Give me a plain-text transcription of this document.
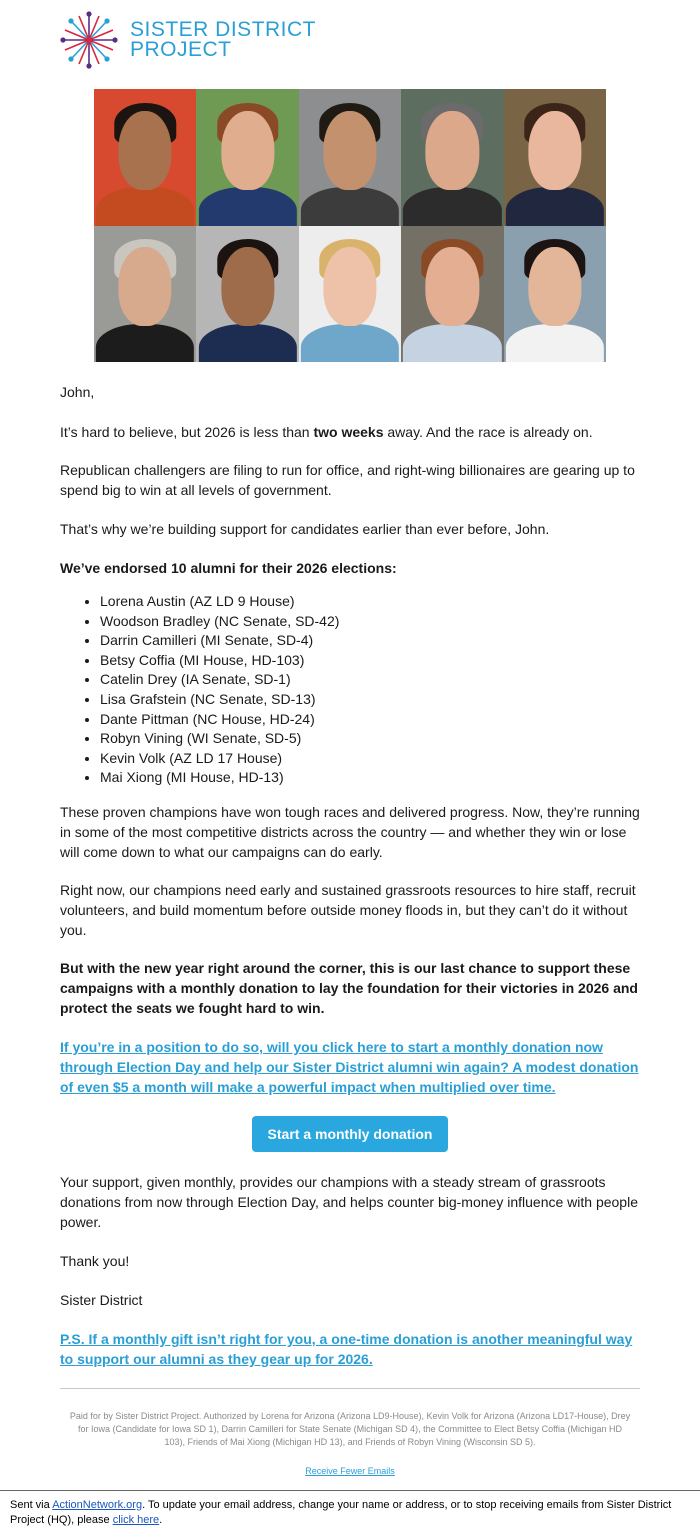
SISTER DISTRICT
PROJECT

John,

It’s hard to believe, but 2026 is less than two weeks away. And the race is already on.

Republican challengers are filing to run for office, and right-wing billionaires are gearing up to spend big to win at all levels of government.

That’s why we’re building support for candidates earlier than ever before, John.

We’ve endorsed 10 alumni for their 2026 elections:

• Lorena Austin (AZ LD 9 House)
• Woodson Bradley (NC Senate, SD-42)
• Darrin Camilleri (MI Senate, SD-4)
• Betsy Coffia (MI House, HD-103)
• Catelin Drey (IA Senate, SD-1)
• Lisa Grafstein (NC Senate, SD-13)
• Dante Pittman (NC House, HD-24)
• Robyn Vining (WI Senate, SD-5)
• Kevin Volk (AZ LD 17 House)
• Mai Xiong (MI House, HD-13)

These proven champions have won tough races and delivered progress. Now, they’re running in some of the most competitive districts across the country — and whether they win or lose will come down to what our campaigns can do early.

Right now, our champions need early and sustained grassroots resources to hire staff, recruit volunteers, and build momentum before outside money floods in, but they can’t do it without you.

But with the new year right around the corner, this is our last chance to support these campaigns with a monthly donation to lay the foundation for their victories in 2026 and protect the seats we fought hard to win.

If you’re in a position to do so, will you click here to start a monthly donation now through Election Day and help our Sister District alumni win again? A modest donation of even $5 a month will make a powerful impact when multiplied over time.

Start a monthly donation

Your support, given monthly, provides our champions with a steady stream of grassroots donations from now through Election Day, and helps counter big-money influence with people power.

Thank you!

Sister District

P.S. If a monthly gift isn’t right for you, a one-time donation is another meaningful way to support our alumni as they gear up for 2026.

Paid for by Sister District Project. Authorized by Lorena for Arizona (Arizona LD9-House), Kevin Volk for Arizona (Arizona LD17-House), Drey for Iowa (Candidate for Iowa SD 1), Darrin Camilleri for State Senate (Michigan SD 4), the Committee to Elect Betsy Coffia (Michigan HD 103), Friends of Mai Xiong (Michigan HD 13), and Friends of Robyn Vining (Wisconsin SD 5).
Receive Fewer Emails
Sent via ActionNetwork.org. To update your email address, change your name or address, or to stop receiving emails from Sister District Project (HQ), please click here.
